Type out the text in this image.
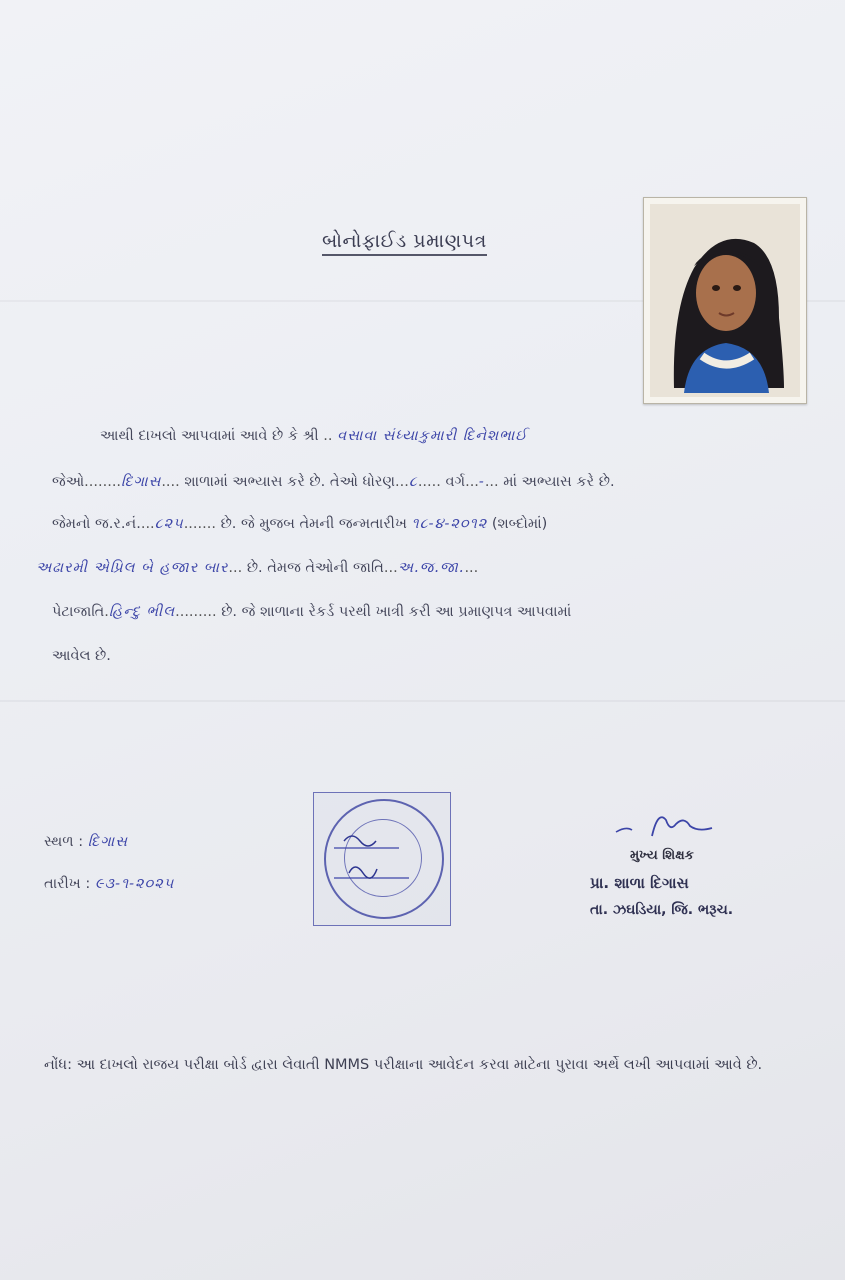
બોનોફાઈડ પ્રમાણપત્ર
આથી દાખલો આપવામાં આવે છે કે શ્રી .. વસાવા સંધ્યાકુમારી દિનેશભાઈ
જેઓ........દિગાસ.... શાળામાં અભ્યાસ કરે છે. તેઓ ધોરણ...૮..... વર્ગ...-... માં અભ્યાસ કરે છે.
જેમનો જ.ર.નં....૮૨૫....... છે. જે મુજબ તેમની જન્મતારીખ ૧૮-૪-૨૦૧૨ (શબ્દોમાં)
અઢારમી એપ્રિલ બે હજાર બાર... છે. તેમજ તેઓની જાતિ...અ.જ.જા....
પેટાજાતિ.હિન્દુ ભીલ......... છે. જે શાળાના રેકર્ડ પરથી ખાત્રી કરી આ પ્રમાણપત્ર આપવામાં
આવેલ છે.
સ્થળ : દિગાસ
તારીખ : ૯૩-૧-૨૦૨૫
મુખ્ય શિક્ષક
પ્રા. શાળા દિગાસ
તા. ઝઘડિયા, જિ. ભરૂચ.
નોંધ: આ દાખલો રાજય પરીક્ષા બોર્ડ દ્વારા લેવાતી NMMS પરીક્ષાના આવેદન કરવા માટેના પુરાવા અર્થે લખી આપવામાં આવે છે.
